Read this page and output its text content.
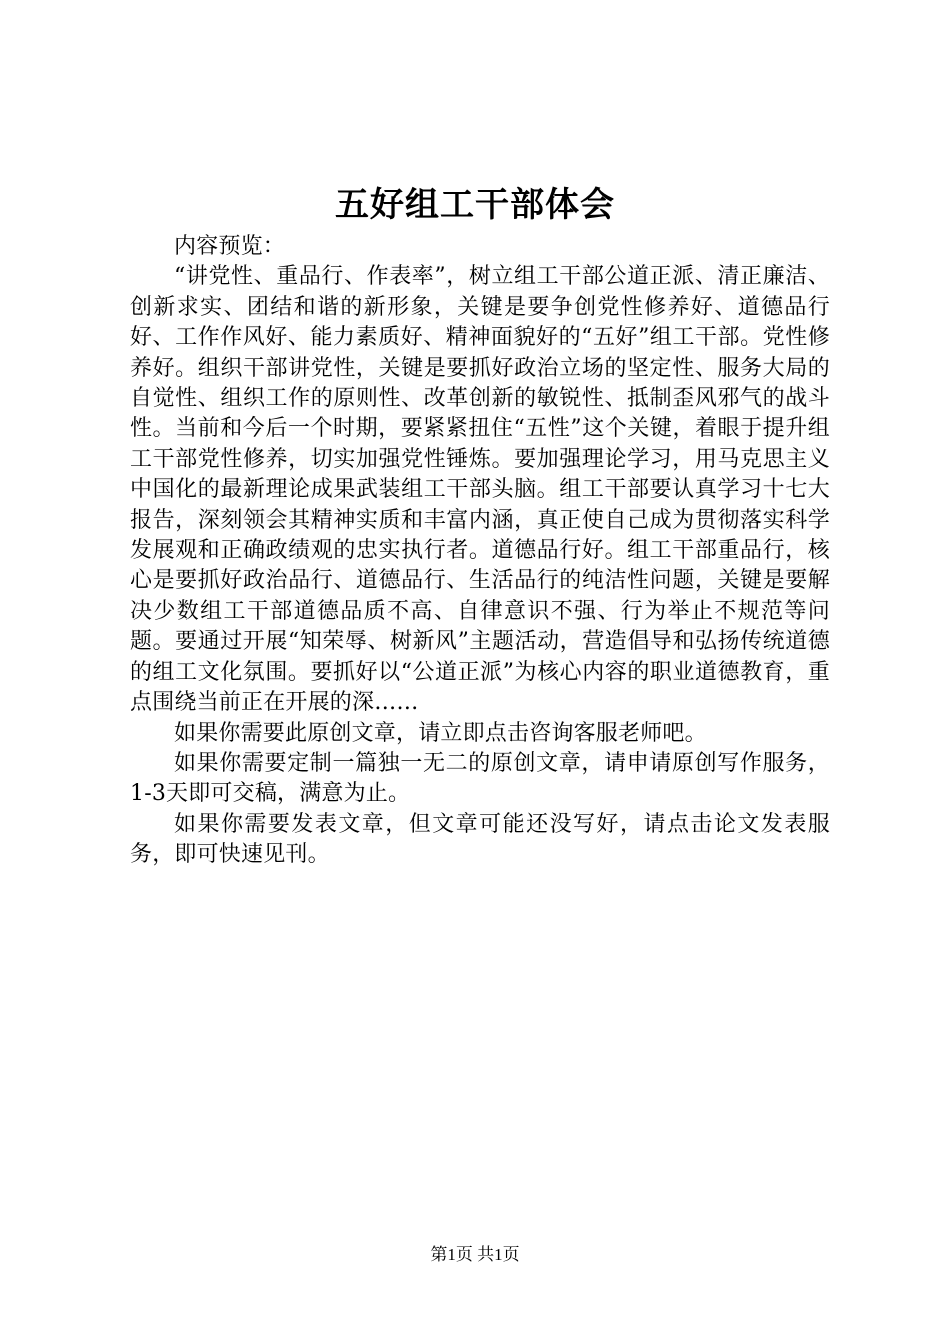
五好组工干部体会

内容预览：

“讲党性、重品行、作表率”，树立组工干部公道正派、清正廉洁、创新求实、团结和谐的新形象，关键是要争创党性修养好、道德品行好、工作作风好、能力素质好、精神面貌好的“五好”组工干部。党性修养好。组织干部讲党性，关键是要抓好政治立场的坚定性、服务大局的自觉性、组织工作的原则性、改革创新的敏锐性、抵制歪风邪气的战斗性。当前和今后一个时期，要紧紧扭住“五性”这个关键，着眼于提升组工干部党性修养，切实加强党性锤炼。要加强理论学习，用马克思主义中国化的最新理论成果武装组工干部头脑。组工干部要认真学习十七大报告，深刻领会其精神实质和丰富内涵，真正使自己成为贯彻落实科学发展观和正确政绩观的忠实执行者。道德品行好。组工干部重品行，核心是要抓好政治品行、道德品行、生活品行的纯洁性问题，关键是要解决少数组工干部道德品质不高、自律意识不强、行为举止不规范等问题。要通过开展“知荣辱、树新风”主题活动，营造倡导和弘扬传统道德的组工文化氛围。要抓好以“公道正派”为核心内容的职业道德教育，重点围绕当前正在开展的深……

如果你需要此原创文章，请立即点击咨询客服老师吧。

如果你需要定制一篇独一无二的原创文章，请申请原创写作服务，1-3天即可交稿，满意为止。

如果你需要发表文章，但文章可能还没写好，请点击论文发表服务，即可快速见刊。

第1页 共1页
